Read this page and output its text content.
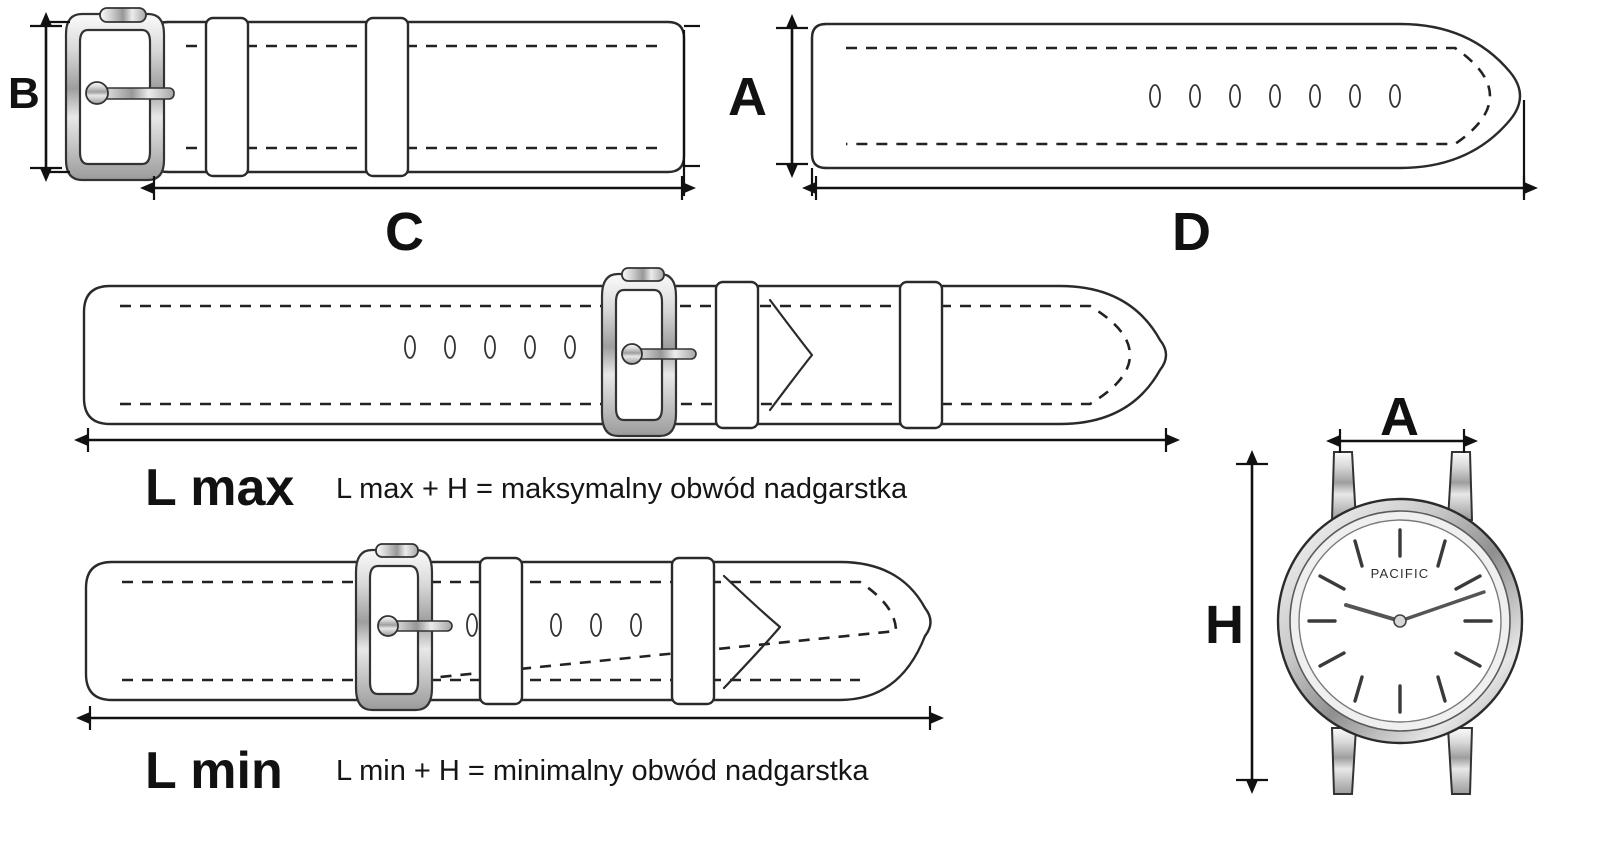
PACIFIC
B
C
A
D
L max L max + H = maksymalny obwód nadgarstka
L min L min + H = minimalny obwód nadgarstka
A
H
